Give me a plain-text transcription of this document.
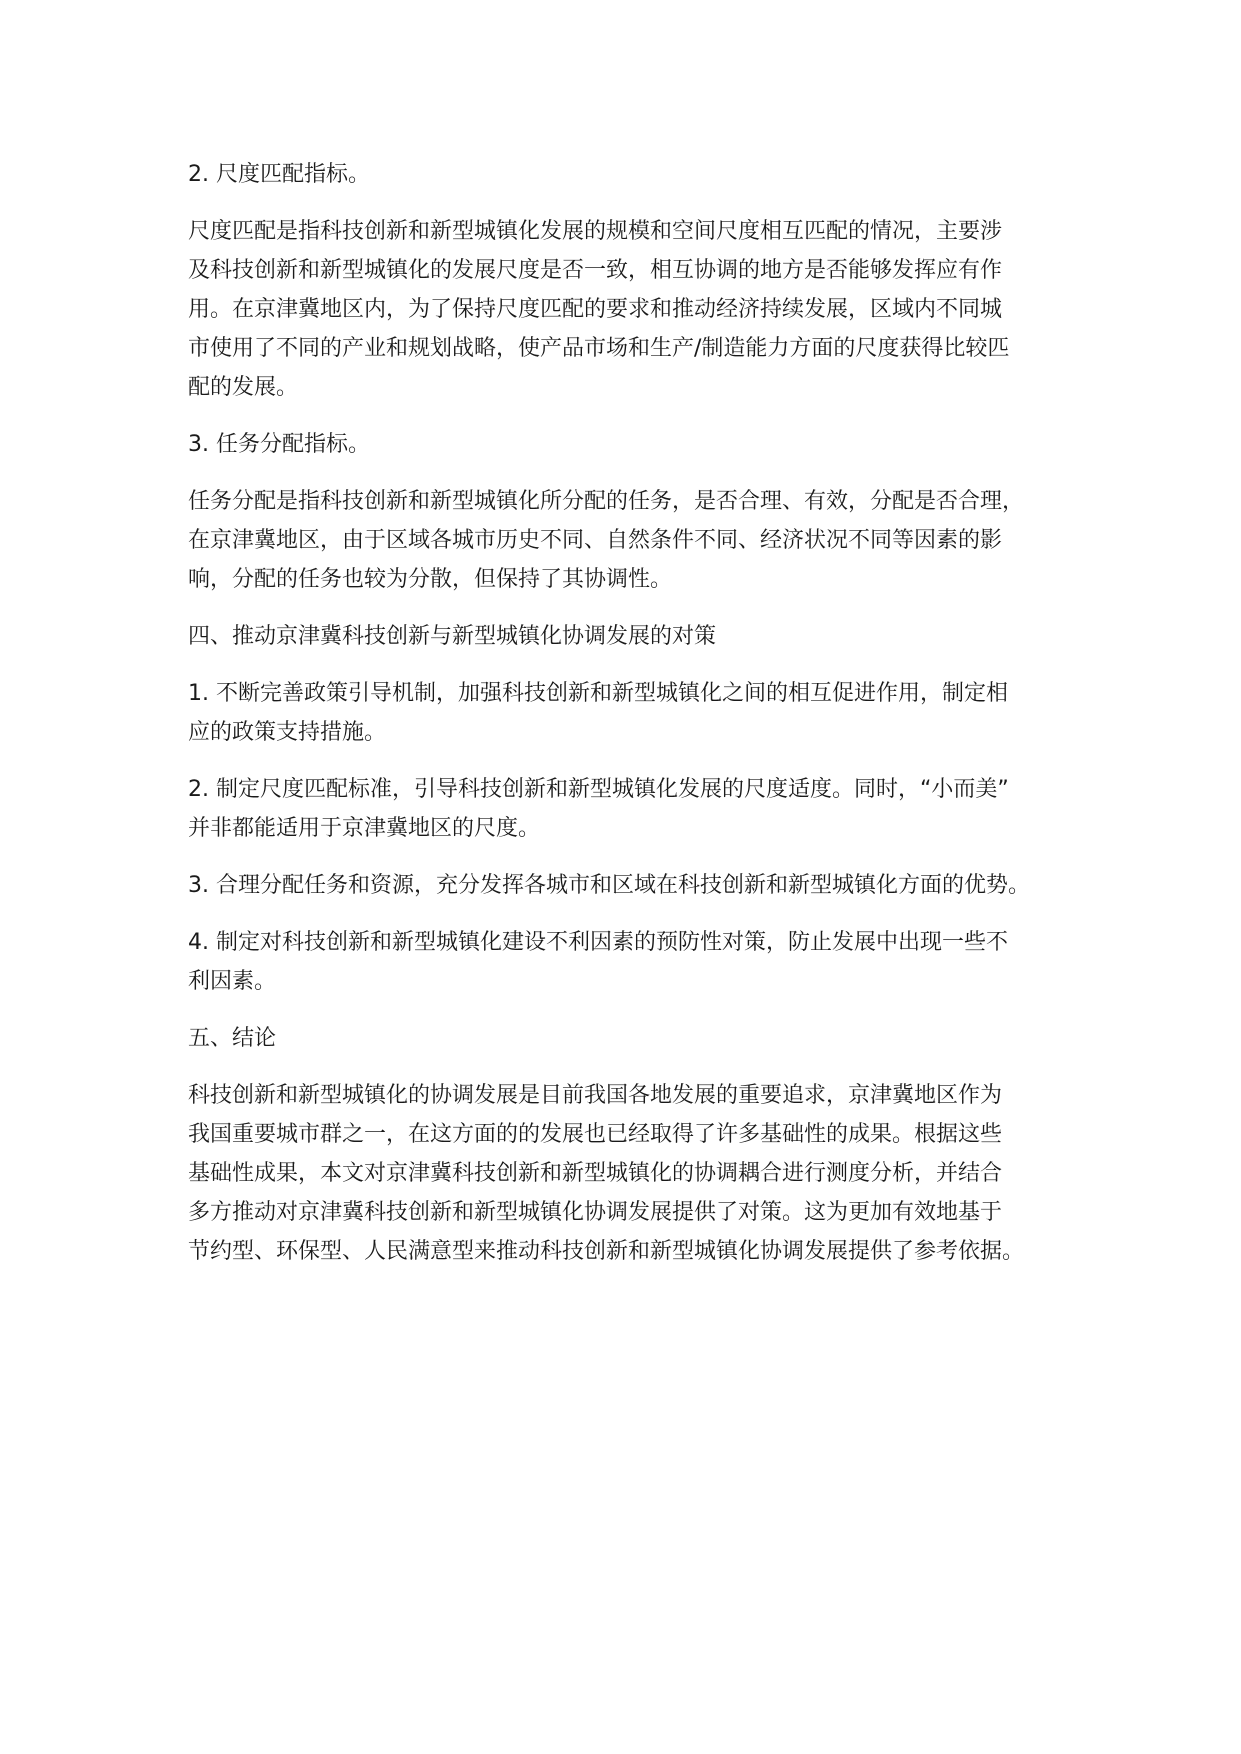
2. 尺度匹配指标。
尺度匹配是指科技创新和新型城镇化发展的规模和空间尺度相互匹配的情况，主要涉
及科技创新和新型城镇化的发展尺度是否一致，相互协调的地方是否能够发挥应有作
用。在京津冀地区内，为了保持尺度匹配的要求和推动经济持续发展，区域内不同城
市使用了不同的产业和规划战略，使产品市场和生产/制造能力方面的尺度获得比较匹
配的发展。
3. 任务分配指标。
任务分配是指科技创新和新型城镇化所分配的任务，是否合理、有效，分配是否合理，
在京津冀地区，由于区域各城市历史不同、自然条件不同、经济状况不同等因素的影
响，分配的任务也较为分散，但保持了其协调性。
四、推动京津冀科技创新与新型城镇化协调发展的对策
1. 不断完善政策引导机制，加强科技创新和新型城镇化之间的相互促进作用，制定相
应的政策支持措施。
2. 制定尺度匹配标准，引导科技创新和新型城镇化发展的尺度适度。同时，“小而美”
并非都能适用于京津冀地区的尺度。
3. 合理分配任务和资源，充分发挥各城市和区域在科技创新和新型城镇化方面的优势。
4. 制定对科技创新和新型城镇化建设不利因素的预防性对策，防止发展中出现一些不
利因素。
五、结论
科技创新和新型城镇化的协调发展是目前我国各地发展的重要追求，京津冀地区作为
我国重要城市群之一，在这方面的的发展也已经取得了许多基础性的成果。根据这些
基础性成果，本文对京津冀科技创新和新型城镇化的协调耦合进行测度分析，并结合
多方推动对京津冀科技创新和新型城镇化协调发展提供了对策。这为更加有效地基于
节约型、环保型、人民满意型来推动科技创新和新型城镇化协调发展提供了参考依据。
